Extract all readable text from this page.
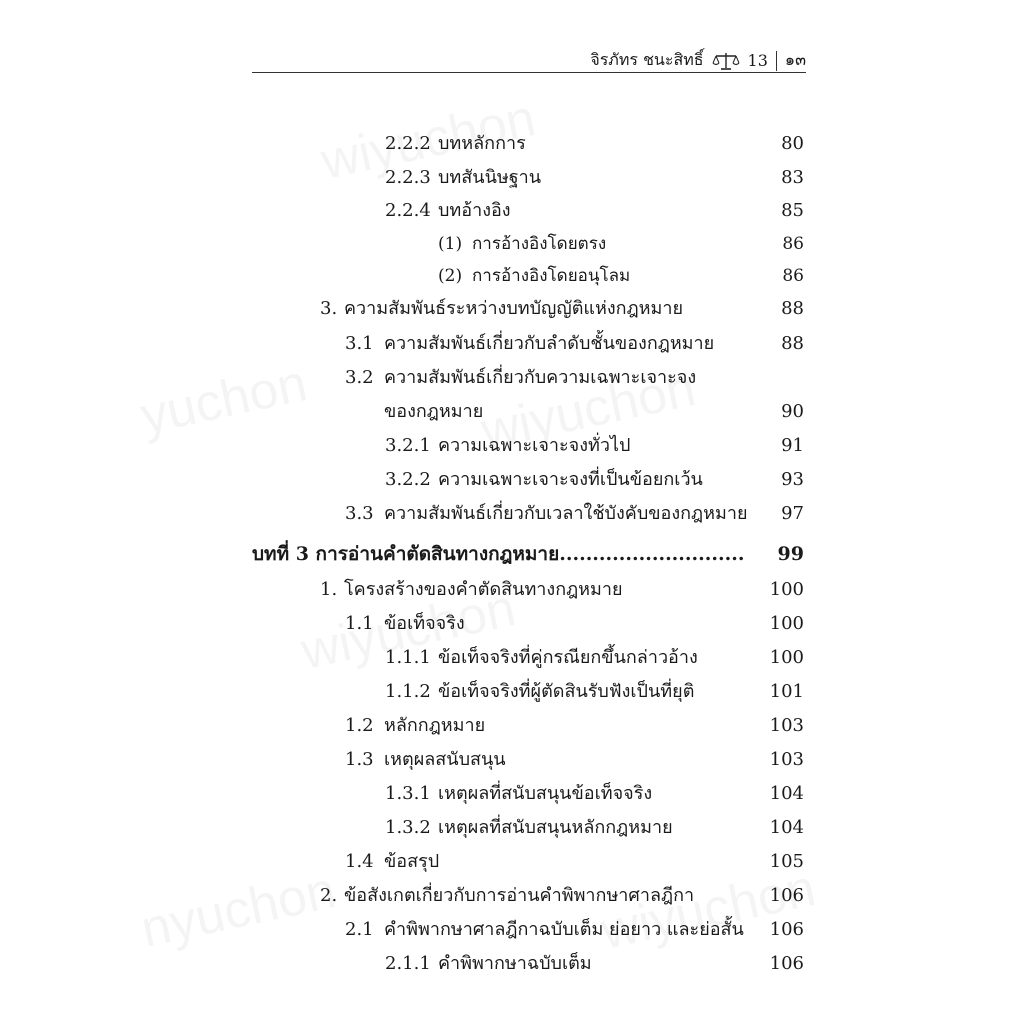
จิรภัทร ชนะสิทธิ์	13 ๑๓
2.2.2 บทหลักการ	80
2.2.3 บทสันนิษฐาน	83
2.2.4 บทอ้างอิง	85
(1) การอ้างอิงโดยตรง	86
(2) การอ้างอิงโดยอนุโลม	86
3. ความสัมพันธ์ระหว่างบทบัญญัติแห่งกฎหมาย	88
3.1 ความสัมพันธ์เกี่ยวกับลำดับชั้นของกฎหมาย	88
3.2 ความสัมพันธ์เกี่ยวกับความเฉพาะเจาะจง
ของกฎหมาย	90
3.2.1 ความเฉพาะเจาะจงทั่วไป	91
3.2.2 ความเฉพาะเจาะจงที่เป็นข้อยกเว้น	93
3.3 ความสัมพันธ์เกี่ยวกับเวลาใช้บังคับของกฎหมาย 97
บทที่ 3 การอ่านคำตัดสินทางกฎหมาย............................ 99
1. โครงสร้างของคำตัดสินทางกฎหมาย	100
1.1 ข้อเท็จจริง	100
1.1.1 ข้อเท็จจริงที่คู่กรณียกขึ้นกล่าวอ้าง	100
1.1.2 ข้อเท็จจริงที่ผู้ตัดสินรับฟังเป็นที่ยุติ	101
1.2 หลักกฎหมาย	103
1.3 เหตุผลสนับสนุน	103
1.3.1 เหตุผลที่สนับสนุนข้อเท็จจริง	104
1.3.2 เหตุผลที่สนับสนุนหลักกฎหมาย	104
1.4 ข้อสรุป	105
2. ข้อสังเกตเกี่ยวกับการอ่านคำพิพากษาศาลฎีกา	106
2.1 คำพิพากษาศาลฎีกาฉบับเต็ม ย่อยาว และย่อสั้น 106
2.1.1 คำพิพากษาฉบับเต็ม	106
